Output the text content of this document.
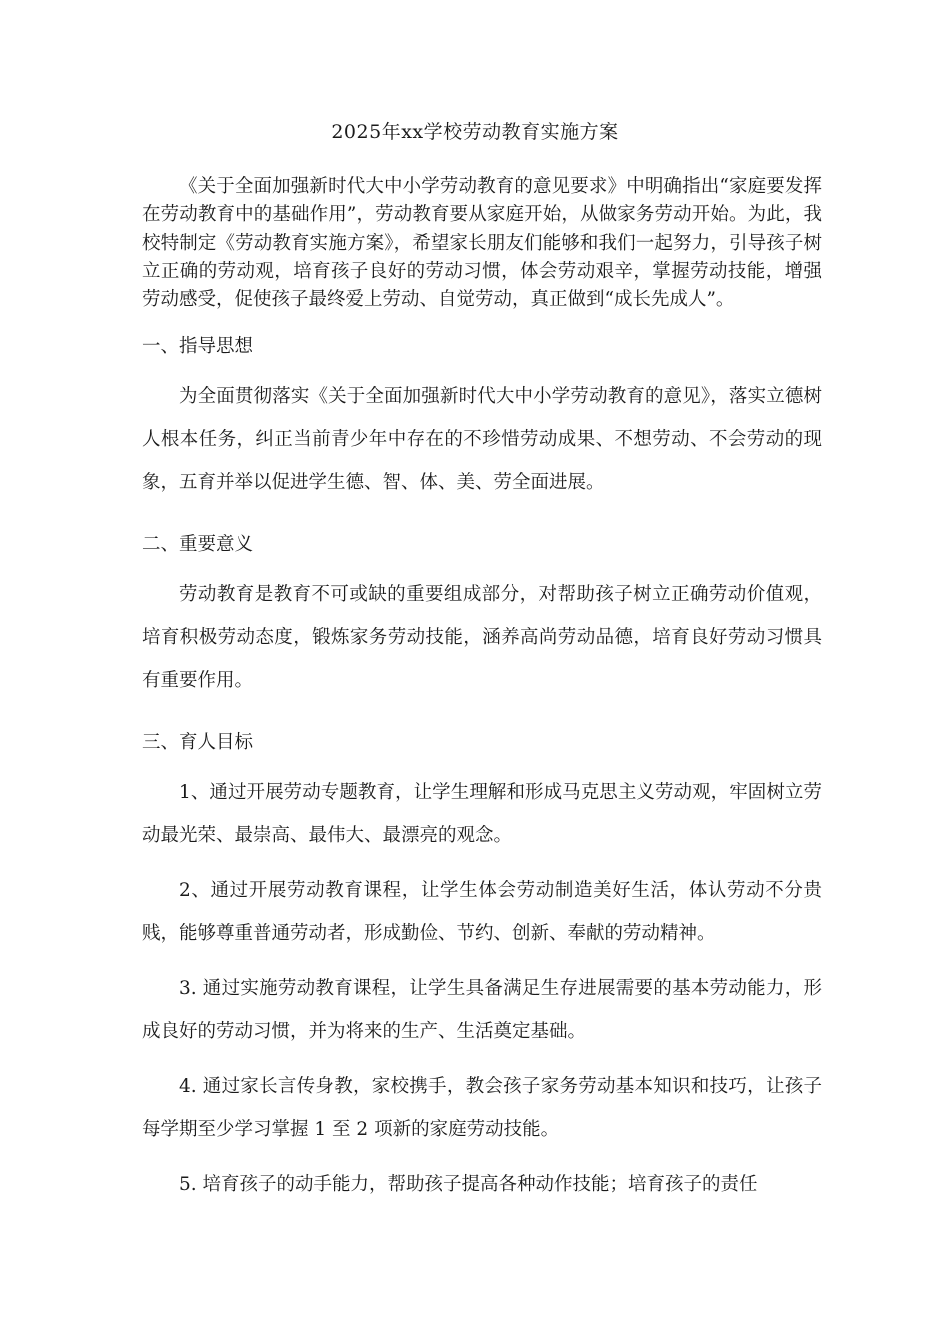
2025年xx学校劳动教育实施方案

《关于全面加强新时代大中小学劳动教育的意见要求》中明确指出“家庭要发挥在劳动教育中的基础作用”，劳动教育要从家庭开始，从做家务劳动开始。为此，我校特制定《劳动教育实施方案》，希望家长朋友们能够和我们一起努力，引导孩子树立正确的劳动观，培育孩子良好的劳动习惯，体会劳动艰辛，掌握劳动技能，增强劳动感受，促使孩子最终爱上劳动、自觉劳动，真正做到“成长先成人”。

一、指导思想

为全面贯彻落实《关于全面加强新时代大中小学劳动教育的意见》，落实立德树人根本任务，纠正当前青少年中存在的不珍惜劳动成果、不想劳动、不会劳动的现象，五育并举以促进学生德、智、体、美、劳全面进展。

二、重要意义

劳动教育是教育不可或缺的重要组成部分，对帮助孩子树立正确劳动价值观，培育积极劳动态度，锻炼家务劳动技能，涵养高尚劳动品德，培育良好劳动习惯具有重要作用。

三、育人目标

1、通过开展劳动专题教育，让学生理解和形成马克思主义劳动观，牢固树立劳动最光荣、最崇高、最伟大、最漂亮的观念。

2、通过开展劳动教育课程，让学生体会劳动制造美好生活，体认劳动不分贵贱，能够尊重普通劳动者，形成勤俭、节约、创新、奉献的劳动精神。

3. 通过实施劳动教育课程，让学生具备满足生存进展需要的基本劳动能力，形成良好的劳动习惯，并为将来的生产、生活奠定基础。

4. 通过家长言传身教，家校携手，教会孩子家务劳动基本知识和技巧，让孩子每学期至少学习掌握 1 至 2 项新的家庭劳动技能。

5. 培育孩子的动手能力，帮助孩子提高各种动作技能；培育孩子的责任
